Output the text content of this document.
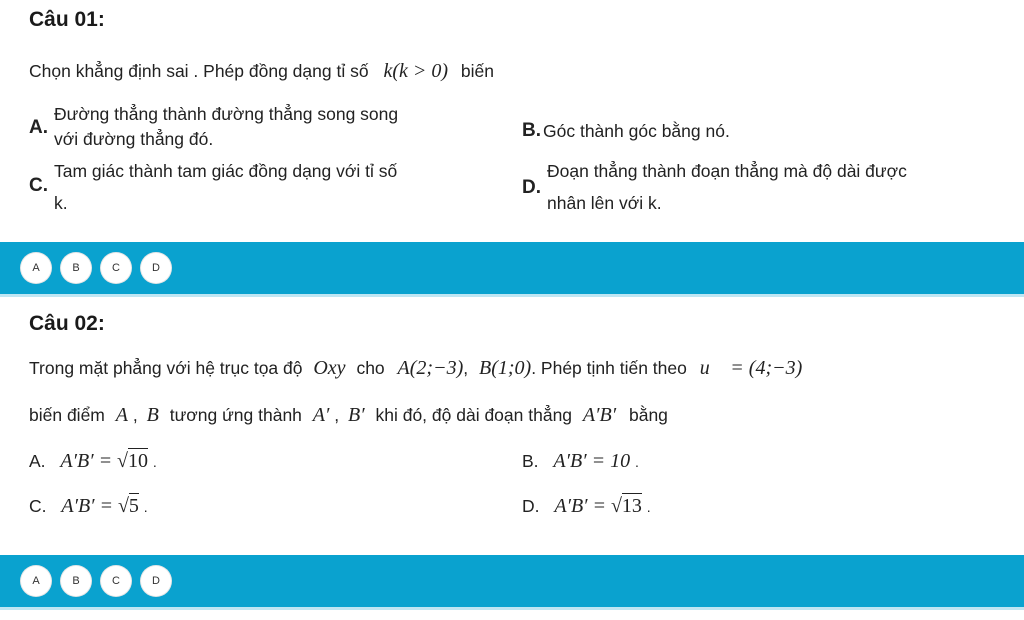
Câu 01:
Chọn khẳng định sai . Phép đồng dạng tỉ số k(k > 0) biến
A.
Đường thẳng thành đường thẳng song song
với đường thẳng đó.	B. Góc thành góc bằng nó.
C.
Tam giác thành tam giác đồng dạng với tỉ số
k.
D.
Đoạn thẳng thành đoạn thẳng mà độ dài được
nhân lên với k.
A	B	C	D
Câu 02:
Trong mặt phẳng với hệ trục tọa độ Oxy cho A(2;−3), B(1;0). Phép tịnh tiến theo u⃗ = (4;−3)
biến điểm A , B tương ứng thành A′ , B′ khi đó, độ dài đoạn thẳng A′B′ bằng
A. A′B′ = √10 .	B. A′B′ = 10 .
C. A′B′ = √5 .	D. A′B′ = √13 .
A	B	C	D
